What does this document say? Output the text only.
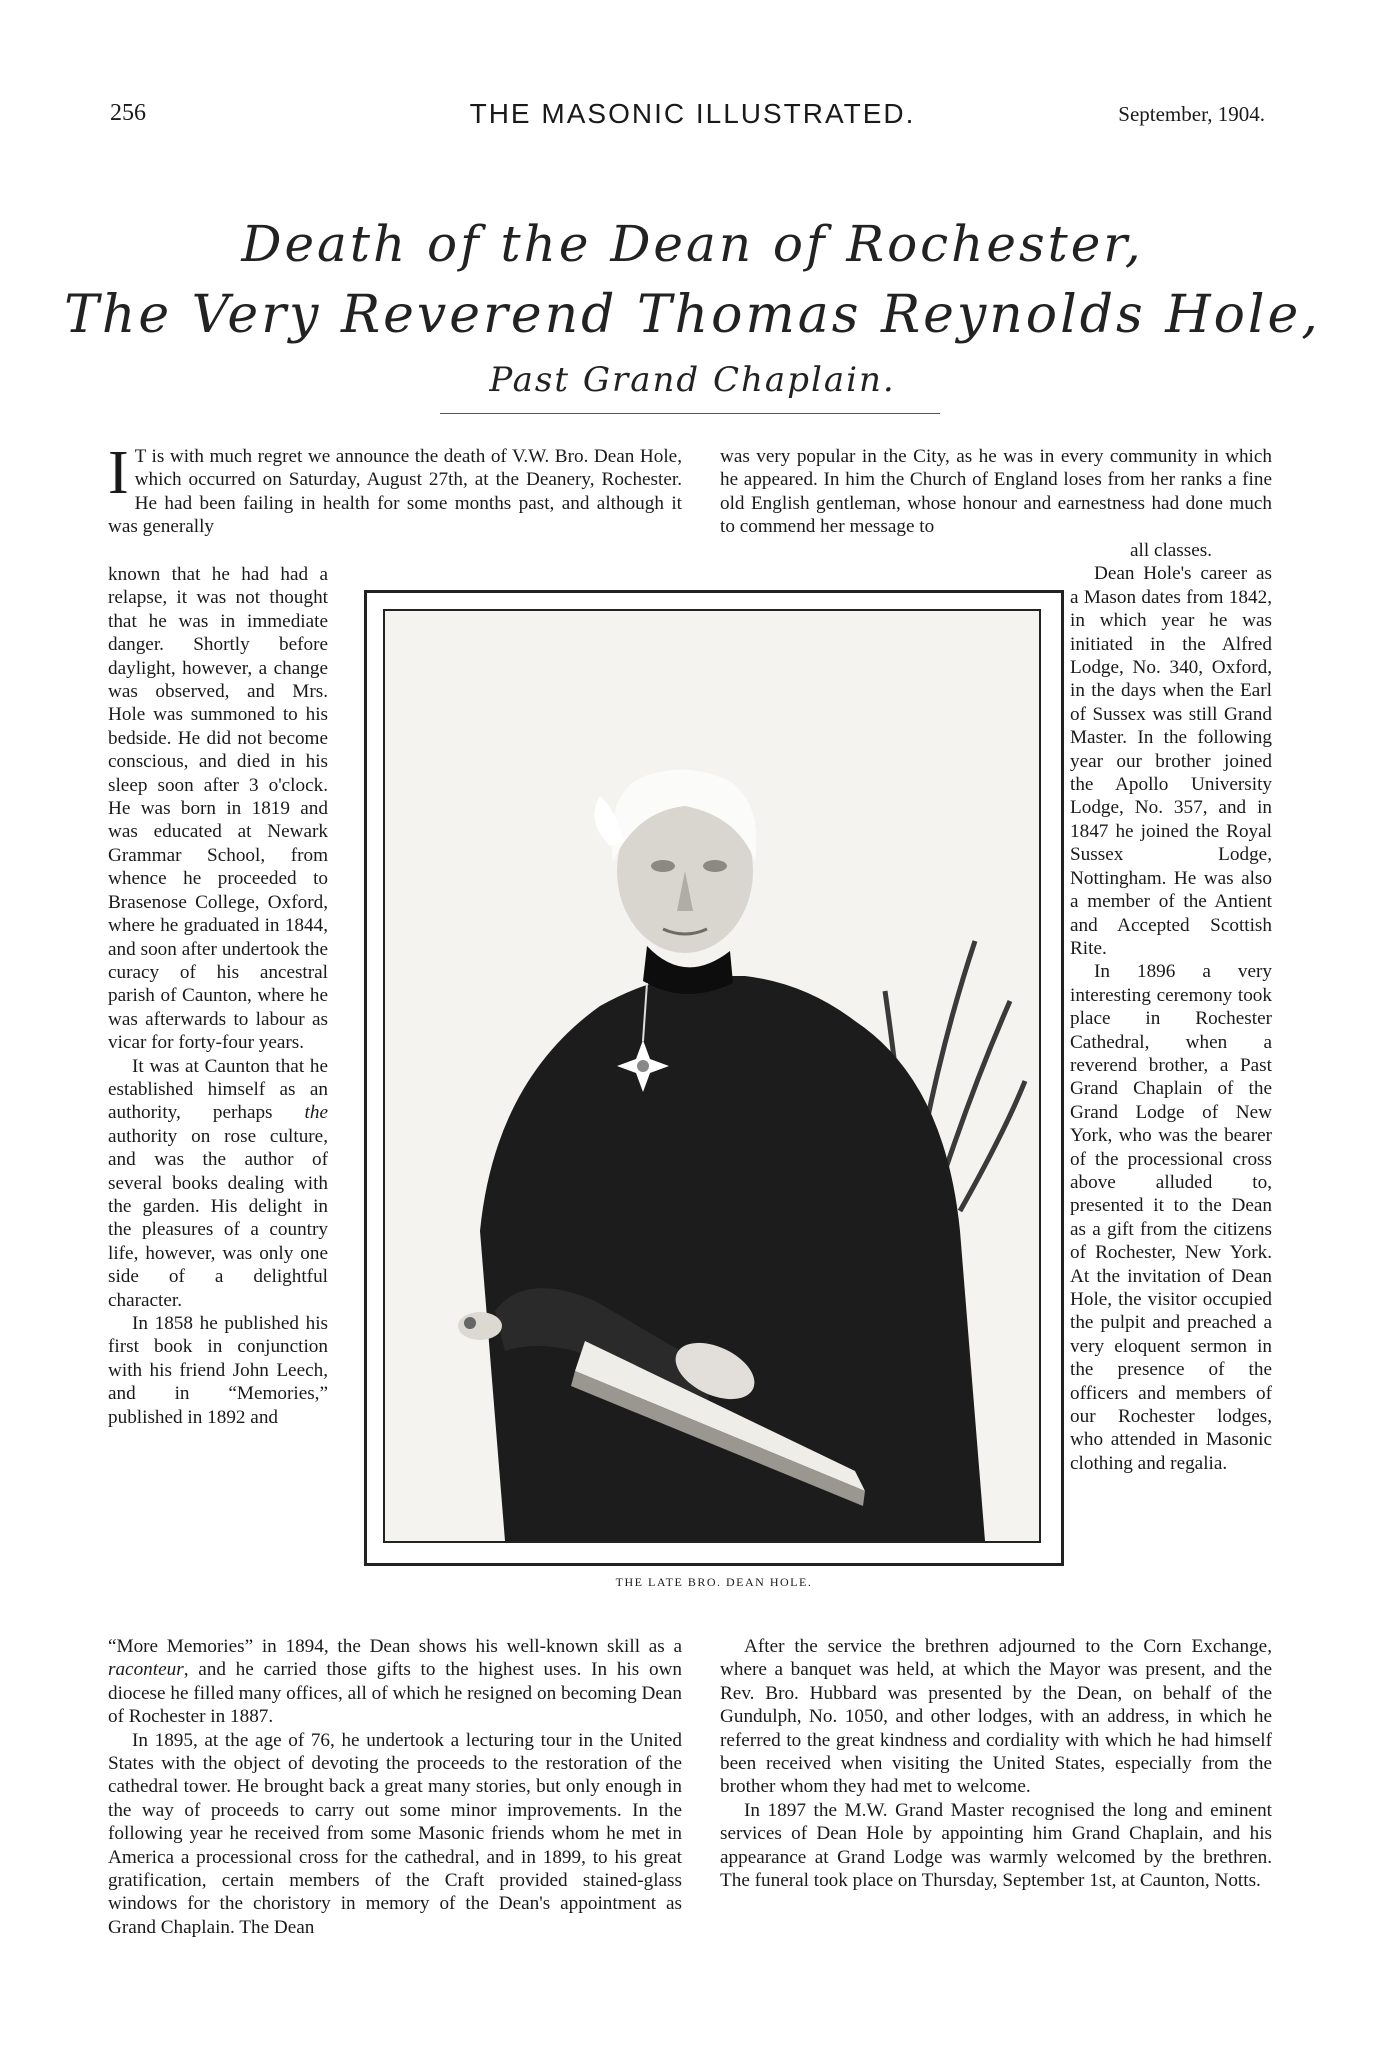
256	THE MASONIC ILLUSTRATED.	September, 1904.
Death of the Dean of Rochester,
The Very Reverend Thomas Reynolds Hole,
Past Grand Chaplain.

I T is with much regret we announce the death of V.W. Bro. Dean Hole, which occurred on Saturday, August 27th, at the Deanery, Rochester. He had been failing in health for some months past, and although it was generally

known that he had had a relapse, it was not thought that he was in immediate danger. Shortly before daylight, however, a change was observed, and Mrs. Hole was summoned to his bedside. He did not become conscious, and died in his sleep soon after 3 o'clock. He was born in 1819 and was educated at Newark Grammar School, from whence he proceeded to Brasenose College, Oxford, where he graduated in 1844, and soon after undertook the curacy of his ancestral parish of Caunton, where he was afterwards to labour as vicar for forty-four years.

It was at Caunton that he established himself as an authority, perhaps the authority on rose culture, and was the author of several books dealing with the garden. His delight in the pleasures of a country life, however, was only one side of a delightful character.

In 1858 he published his first book in conjunction with his friend John Leech, and in “Memories,” published in 1892 and

THE LATE BRO. DEAN HOLE.

“More Memories” in 1894, the Dean shows his well-known skill as a raconteur, and he carried those gifts to the highest uses. In his own diocese he filled many offices, all of which he resigned on becoming Dean of Rochester in 1887.

In 1895, at the age of 76, he undertook a lecturing tour in the United States with the object of devoting the proceeds to the restoration of the cathedral tower. He brought back a great many stories, but only enough in the way of proceeds to carry out some minor improvements. In the following year he received from some Masonic friends whom he met in America a processional cross for the cathedral, and in 1899, to his great gratification, certain members of the Craft provided stained-glass windows for the choristory in memory of the Dean's appointment as Grand Chaplain. The Dean

was very popular in the City, as he was in every community in which he appeared. In him the Church of England loses from her ranks a fine old English gentleman, whose honour and earnestness had done much to commend her message to

all classes.

Dean Hole's career as a Mason dates from 1842, in which year he was initiated in the Alfred Lodge, No. 340, Oxford, in the days when the Earl of Sussex was still Grand Master. In the following year our brother joined the Apollo University Lodge, No. 357, and in 1847 he joined the Royal Sussex Lodge, Nottingham. He was also a member of the Antient and Accepted Scottish Rite.

In 1896 a very interesting ceremony took place in Rochester Cathedral, when a reverend brother, a Past Grand Chaplain of the Grand Lodge of New York, who was the bearer of the processional cross above alluded to, presented it to the Dean as a gift from the citizens of Rochester, New York. At the invitation of Dean Hole, the visitor occupied the pulpit and preached a very eloquent sermon in the presence of the officers and members of our Rochester lodges, who attended in Masonic clothing and regalia.

After the service the brethren adjourned to the Corn Exchange, where a banquet was held, at which the Mayor was present, and the Rev. Bro. Hubbard was presented by the Dean, on behalf of the Gundulph, No. 1050, and other lodges, with an address, in which he referred to the great kindness and cordiality with which he had himself been received when visiting the United States, especially from the brother whom they had met to welcome.

In 1897 the M.W. Grand Master recognised the long and eminent services of Dean Hole by appointing him Grand Chaplain, and his appearance at Grand Lodge was warmly welcomed by the brethren. The funeral took place on Thursday, September 1st, at Caunton, Notts.
